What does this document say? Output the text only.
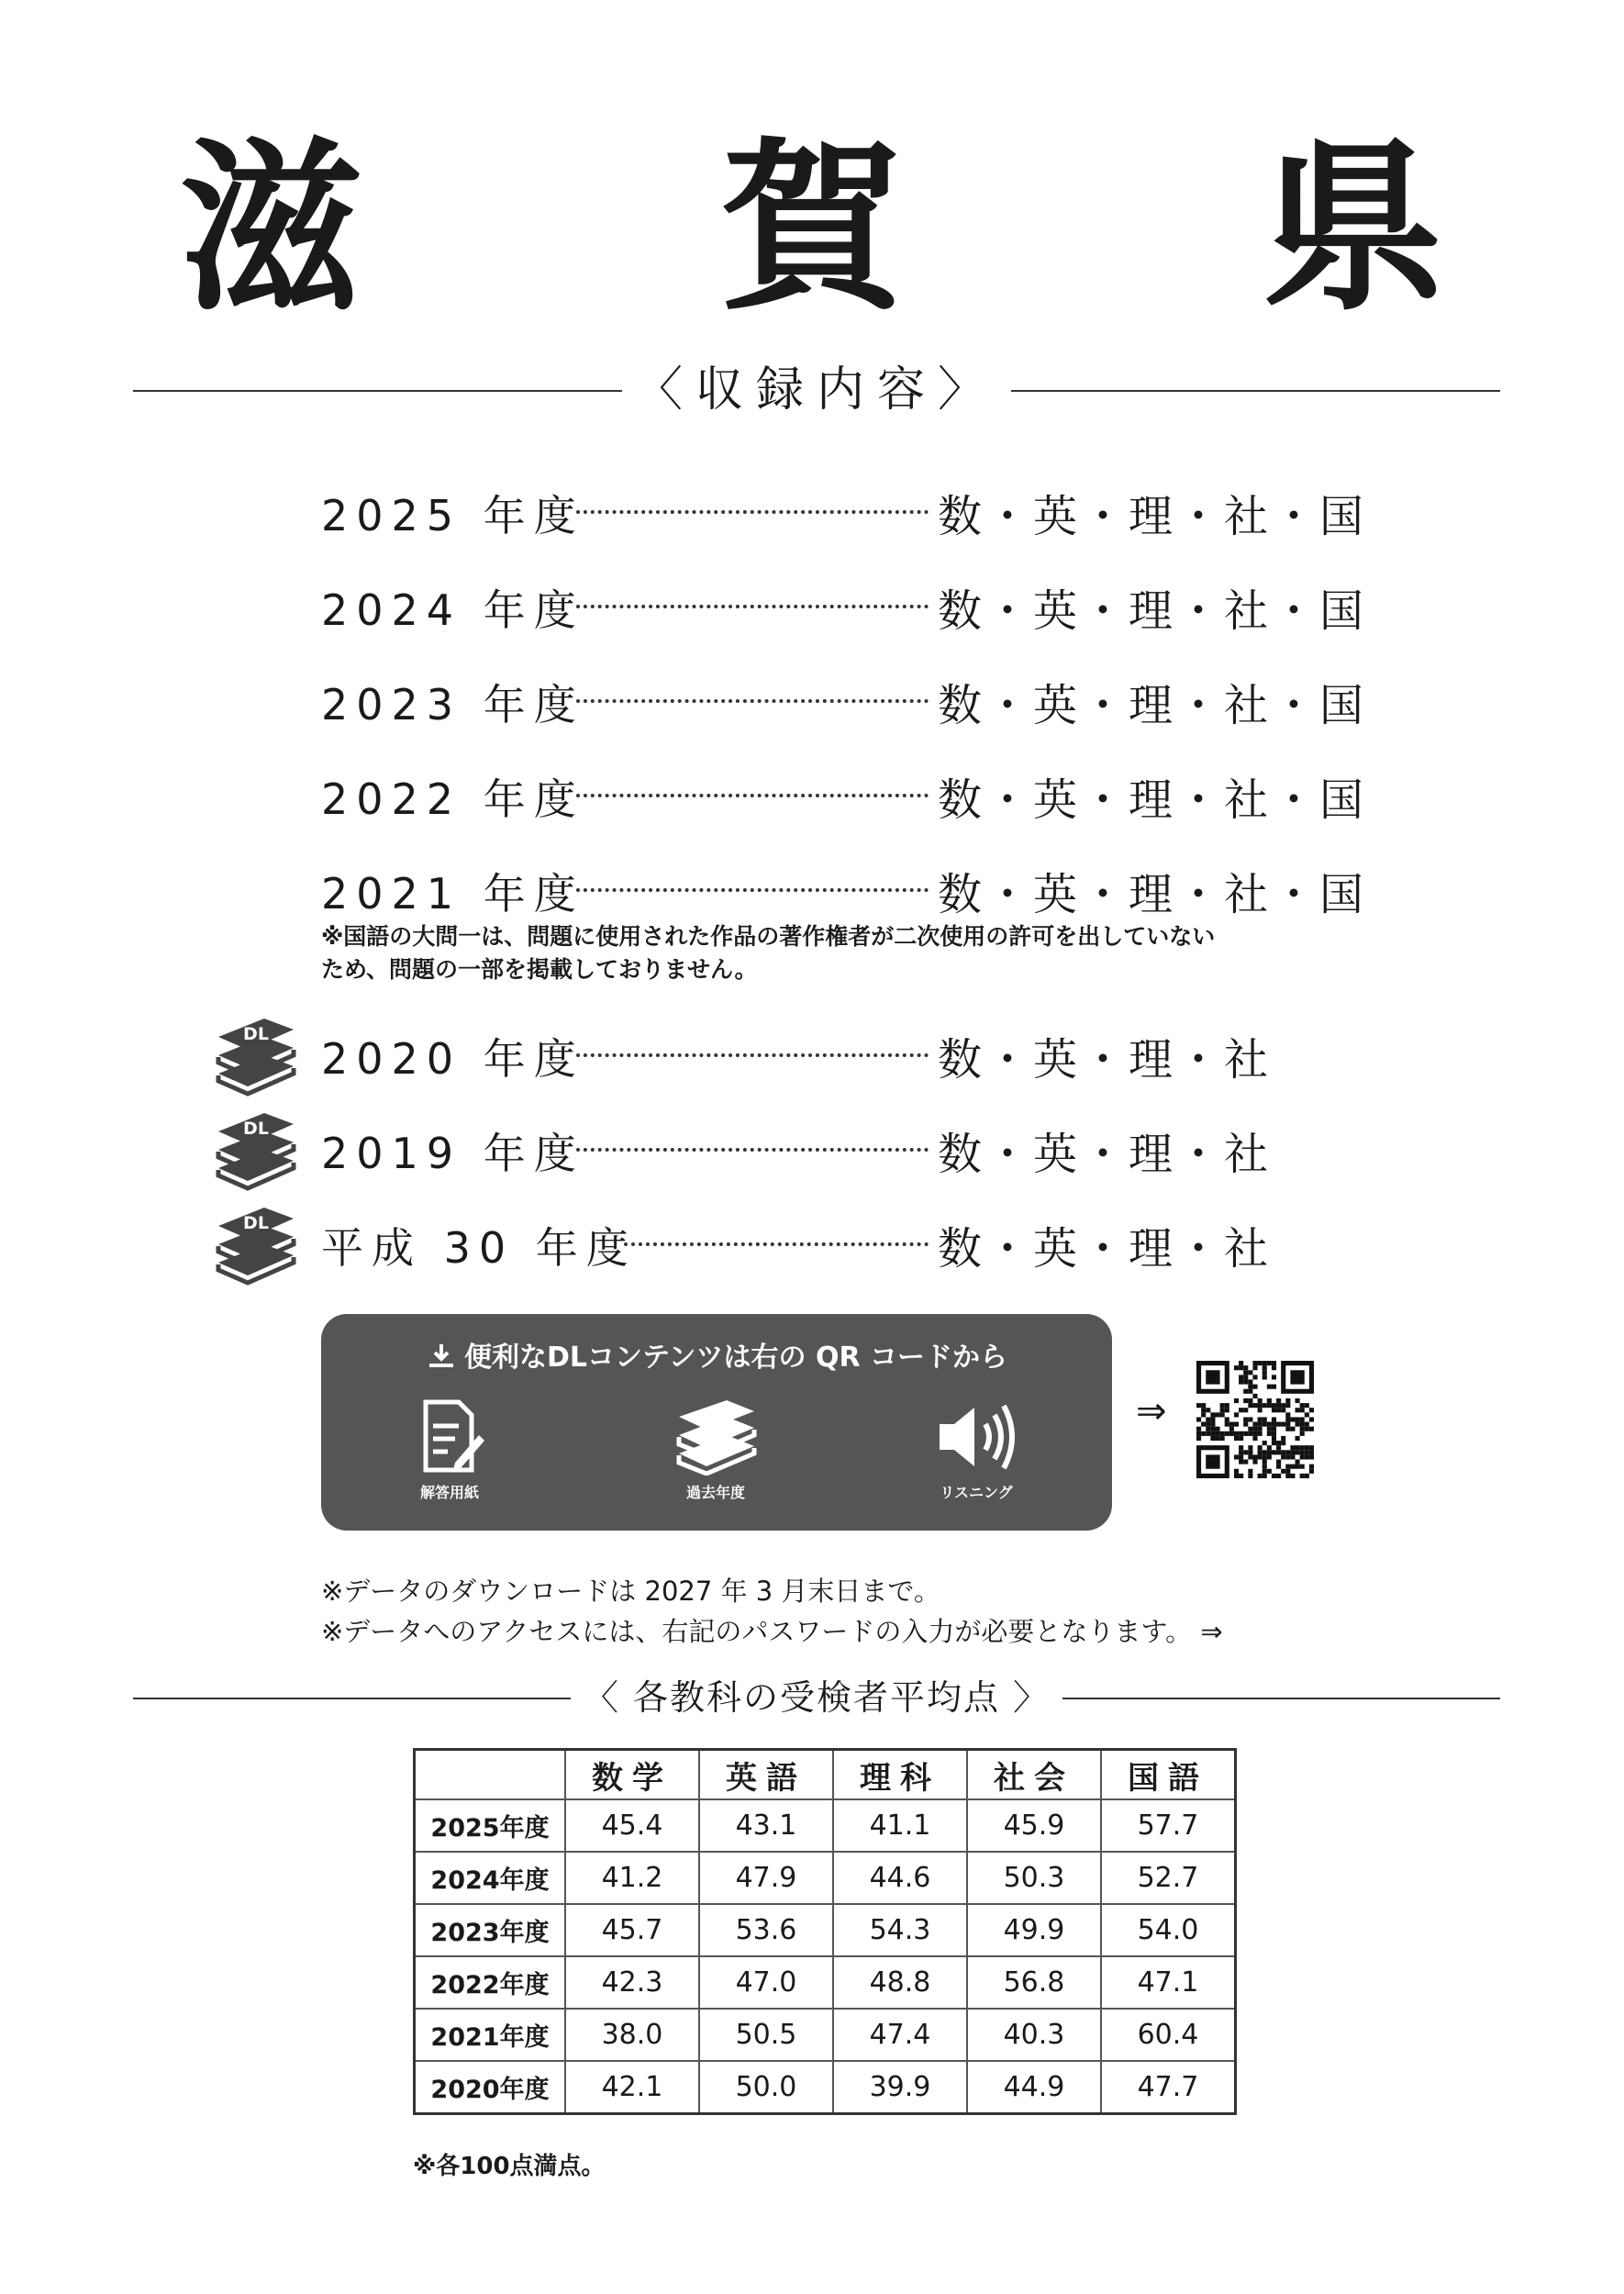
滋 賀 県
〈収録内容〉
2025 年度	数・英・理・社・国
2024 年度	数・英・理・社・国
2023 年度	数・英・理・社・国
2022 年度	数・英・理・社・国
2021 年度	数・英・理・社・国
DL 2020 年度	数・英・理・社
DL 2019 年度	数・英・理・社
DL 平成 30 年度	数・英・理・社
※国語の大問一は、問題に使用された作品の著作権者が二次使用の許可を出していない
ため、問題の一部を掲載しておりません。
便利なDLコンテンツは右の QR コードから
解答用紙	過去年度	リスニング
⇒
※データのダウンロードは 2027 年 3 月末日まで。
※データへのアクセスには、右記のパスワードの入力が必要となります。 ⇒
〈 各教科の受検者平均点 〉
	数学	英語	理科	社会	国語
2025年度	45.4	43.1	41.1	45.9	57.7
2024年度	41.2	47.9	44.6	50.3	52.7
2023年度	45.7	53.6	54.3	49.9	54.0
2022年度	42.3	47.0	48.8	56.8	47.1
2021年度	38.0	50.5	47.4	40.3	60.4
2020年度	42.1	50.0	39.9	44.9	47.7
※各100点満点。
